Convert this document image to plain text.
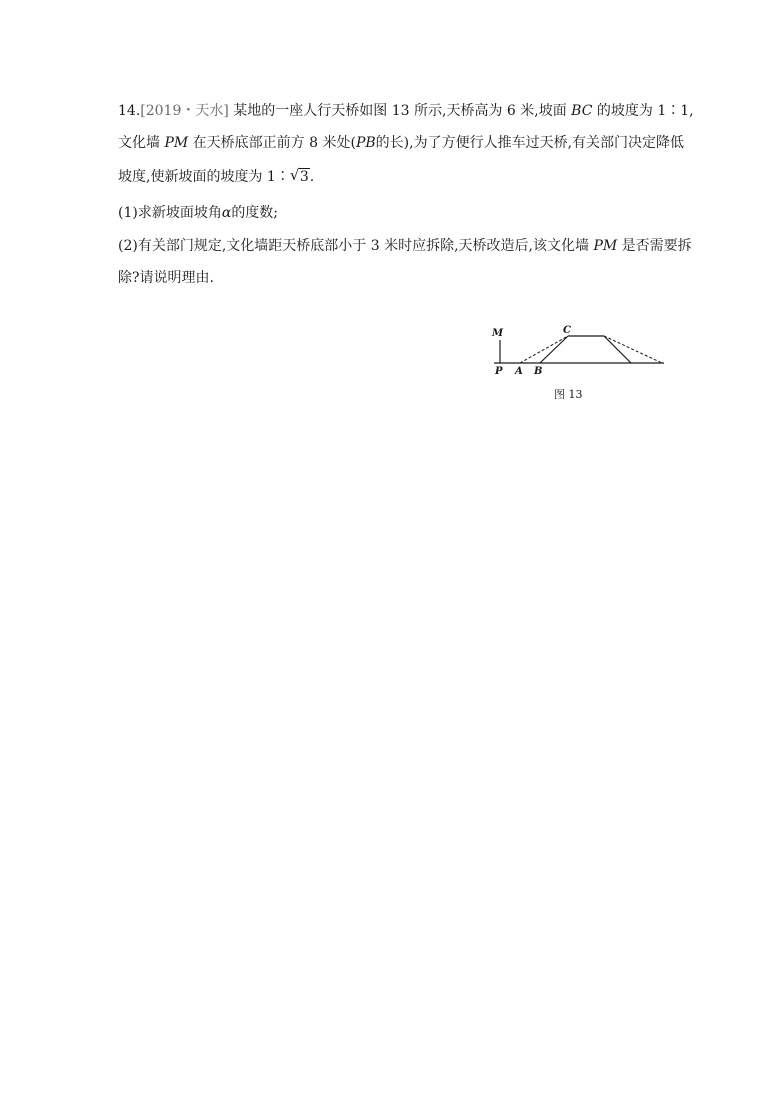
14.[2019・天水] 某地的一座人行天桥如图 13 所示,天桥高为 6 米,坡面 BC 的坡度为 1∶1,
文化墙 PM 在天桥底部正前方 8 米处(PB的长),为了方便行人推车过天桥,有关部门决定降低
坡度,使新坡面的坡度为 1∶ √ 3.
(1)求新坡面坡角α的度数;
(2)有关部门规定,文化墙距天桥底部小于 3 米时应拆除,天桥改造后,该文化墙 PM 是否需要拆
除?请说明理由.
M	C
P A B
图 13
